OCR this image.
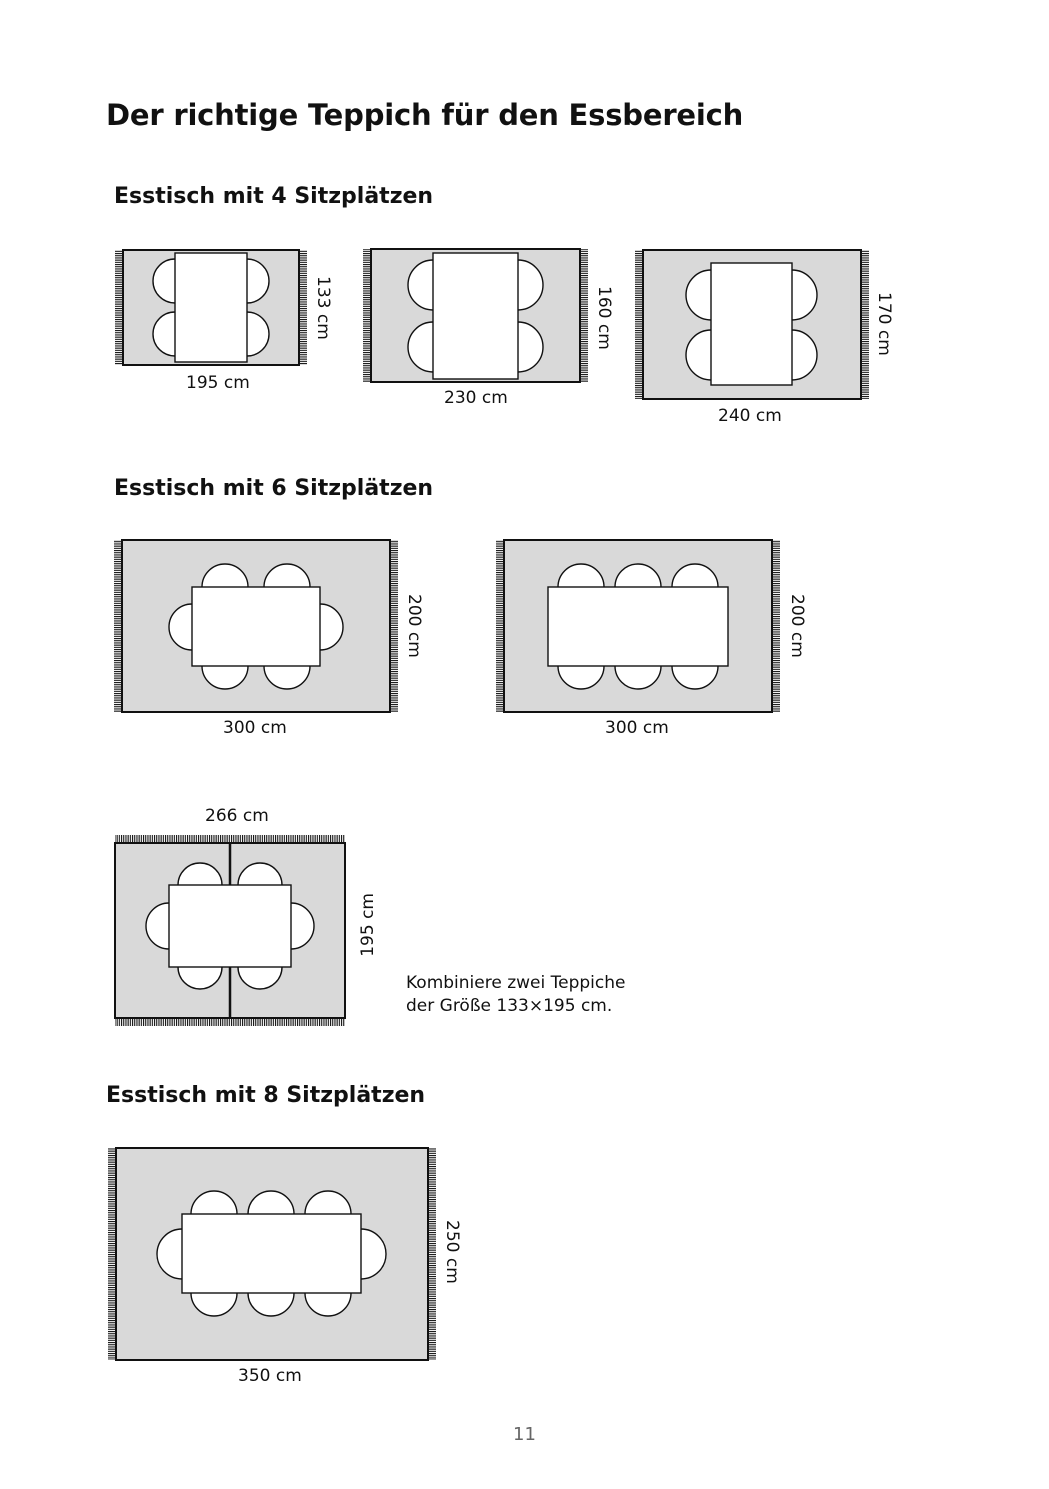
Der richtige Teppich für den Essbereich
Esstisch mit 4 Sitzplätzen
Esstisch mit 6 Sitzplätzen
Esstisch mit 8 Sitzplätzen
195 cm
133 cm
230 cm
160 cm
240 cm
170 cm
300 cm
200 cm
300 cm
200 cm
266 cm
195 cm
Kombiniere zwei Teppiche
der Größe 133×195 cm.
350 cm
250 cm
11
